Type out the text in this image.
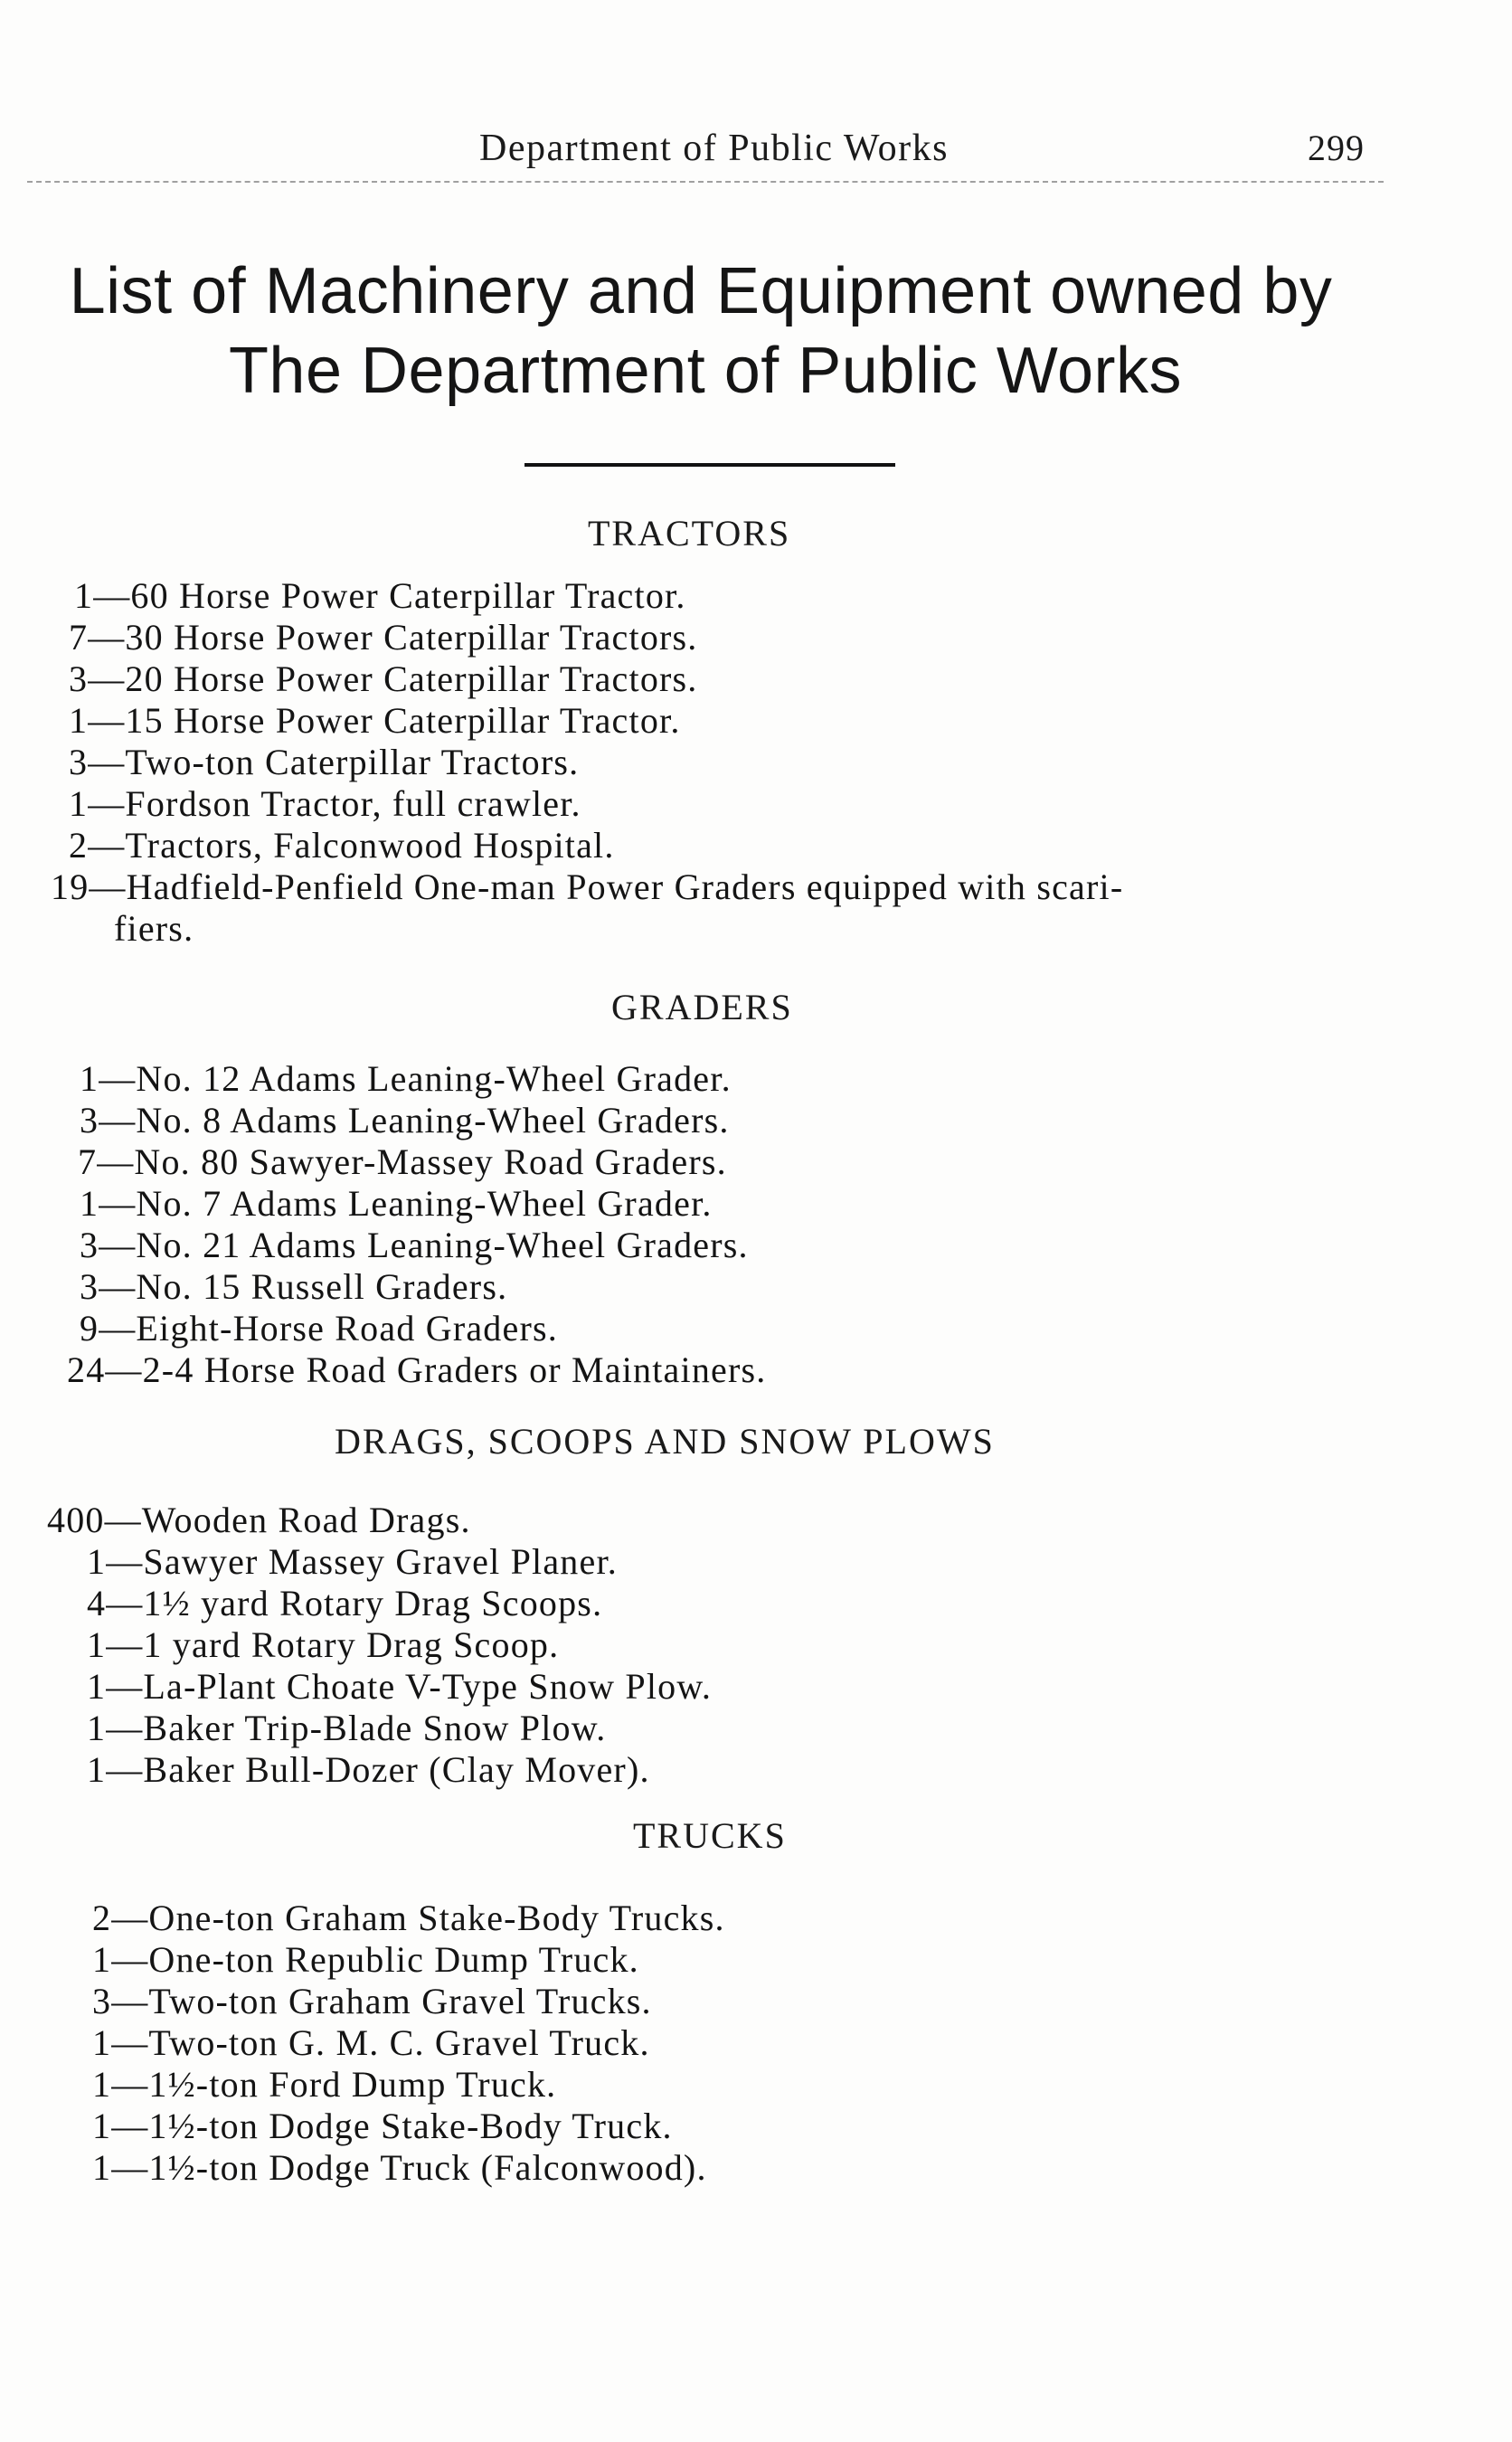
Department of Public Works	299
List of Machinery and Equipment owned by
The Department of Public Works
TRACTORS
1—60 Horse Power Caterpillar Tractor.
7—30 Horse Power Caterpillar Tractors.
3—20 Horse Power Caterpillar Tractors.
1—15 Horse Power Caterpillar Tractor.
3—Two-ton Caterpillar Tractors.
1—Fordson Tractor, full crawler.
2—Tractors, Falconwood Hospital.
19—Hadfield-Penfield One-man Power Graders equipped with scari-
fiers.
GRADERS
1—No. 12 Adams Leaning-Wheel Grader.
3—No. 8 Adams Leaning-Wheel Graders.
7—No. 80 Sawyer-Massey Road Graders.
1—No. 7 Adams Leaning-Wheel Grader.
3—No. 21 Adams Leaning-Wheel Graders.
3—No. 15 Russell Graders.
9—Eight-Horse Road Graders.
24—2-4 Horse Road Graders or Maintainers.
DRAGS, SCOOPS AND SNOW PLOWS
400—Wooden Road Drags.
1—Sawyer Massey Gravel Planer.
4—1½ yard Rotary Drag Scoops.
1—1 yard Rotary Drag Scoop.
1—La-Plant Choate V-Type Snow Plow.
1—Baker Trip-Blade Snow Plow.
1—Baker Bull-Dozer (Clay Mover).
TRUCKS
2—One-ton Graham Stake-Body Trucks.
1—One-ton Republic Dump Truck.
3—Two-ton Graham Gravel Trucks.
1—Two-ton G. M. C. Gravel Truck.
1—1½-ton Ford Dump Truck.
1—1½-ton Dodge Stake-Body Truck.
1—1½-ton Dodge Truck (Falconwood).
